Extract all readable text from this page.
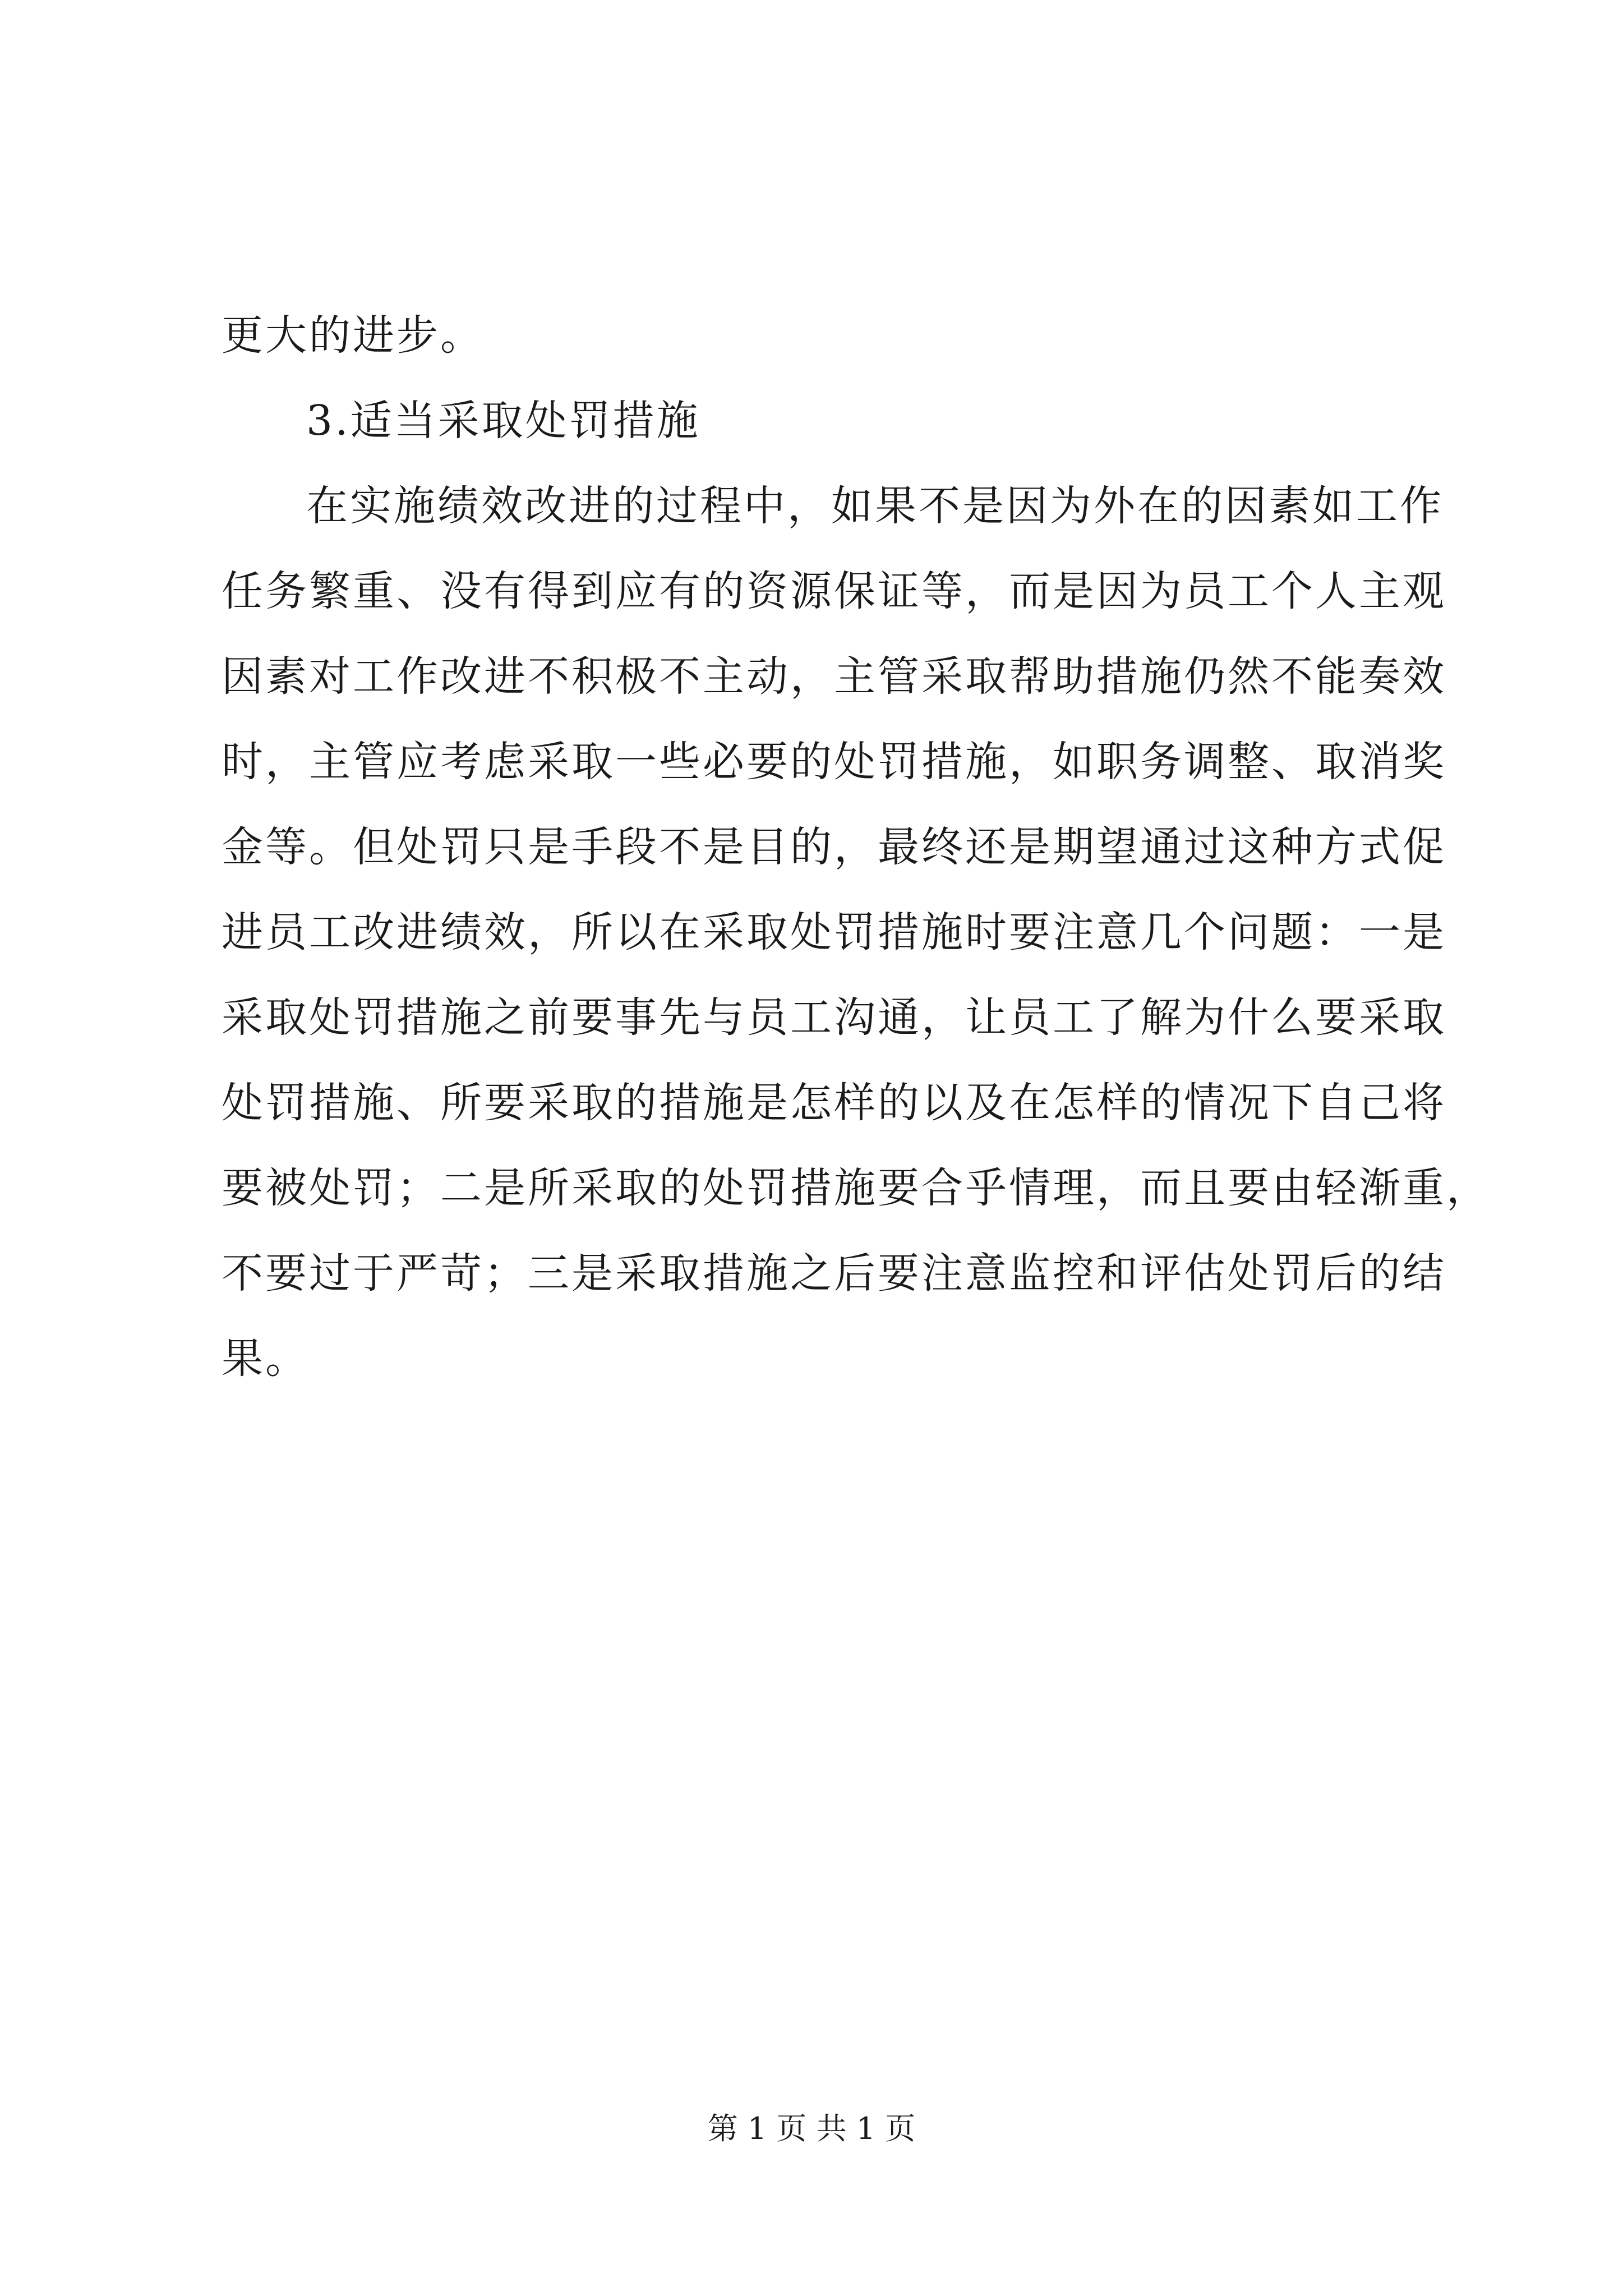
更大的进步。
3.适当采取处罚措施
在实施绩效改进的过程中，如果不是因为外在的因素如工作
任务繁重、没有得到应有的资源保证等，而是因为员工个人主观
因素对工作改进不积极不主动，主管采取帮助措施仍然不能奏效
时，主管应考虑采取一些必要的处罚措施，如职务调整、取消奖
金等。但处罚只是手段不是目的，最终还是期望通过这种方式促
进员工改进绩效，所以在采取处罚措施时要注意几个问题：一是
采取处罚措施之前要事先与员工沟通，让员工了解为什么要采取
处罚措施、所要采取的措施是怎样的以及在怎样的情况下自己将
要被处罚；二是所采取的处罚措施要合乎情理，而且要由轻渐重，
不要过于严苛；三是采取措施之后要注意监控和评估处罚后的结
果。
第 1 页 共 1 页
